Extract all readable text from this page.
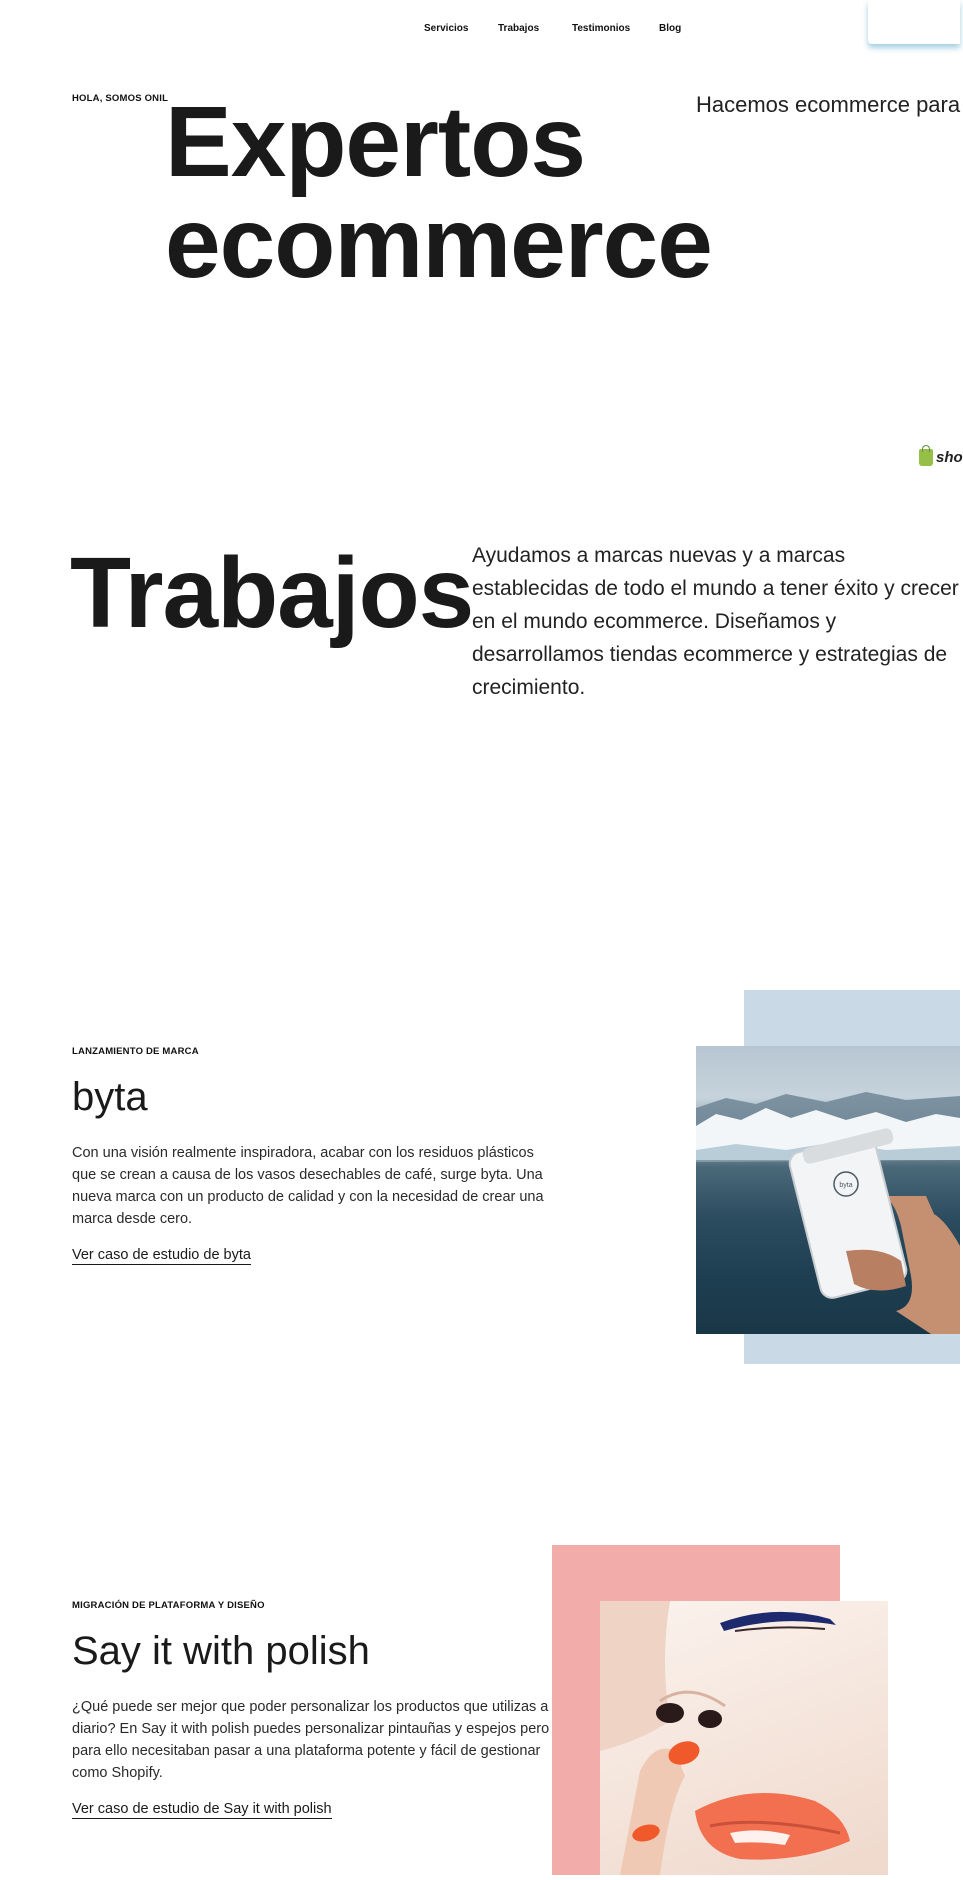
Servicios	Trabajos	Testimonios	Blog
HOLA, SOMOS ONIL
Expertos
ecommerce
Hacemos ecommerce para
sho
Trabajos

Ayudamos a marcas nuevas y a marcas establecidas de todo el mundo a tener éxito y crecer en el mundo ecommerce. Diseñamos y desarrollamos tiendas ecommerce y estrategias de crecimiento.

LANZAMIENTO DE MARCA
byta

Con una visión realmente inspiradora, acabar con los residuos plásticos que se crean a causa de los vasos desechables de café, surge byta. Una nueva marca con un producto de calidad y con la necesidad de crear una marca desde cero.

Ver caso de estudio de byta
byta
MIGRACIÓN DE PLATAFORMA Y DISEÑO
Say it with polish

¿Qué puede ser mejor que poder personalizar los productos que utilizas a diario? En Say it with polish puedes personalizar pintauñas y espejos pero para ello necesitaban pasar a una plataforma potente y fácil de gestionar como Shopify.

Ver caso de estudio de Say it with polish
